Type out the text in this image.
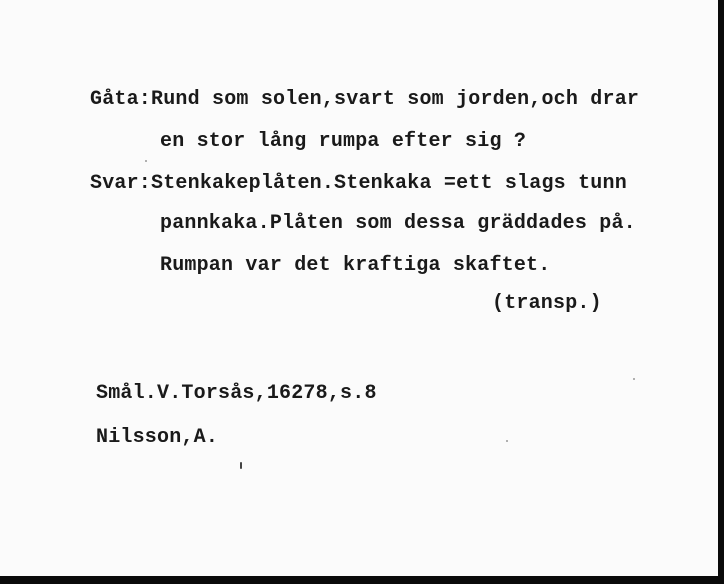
Gåta:Rund som solen,svart som jorden,och drar
en stor lång rumpa efter sig ?
Svar:Stenkakeplåten.Stenkaka =ett slags tunn
pannkaka.Plåten som dessa gräddades på.
Rumpan var det kraftiga skaftet.
(transp.)
Smål.V.Torsås,16278,s.8
Nilsson,A.
